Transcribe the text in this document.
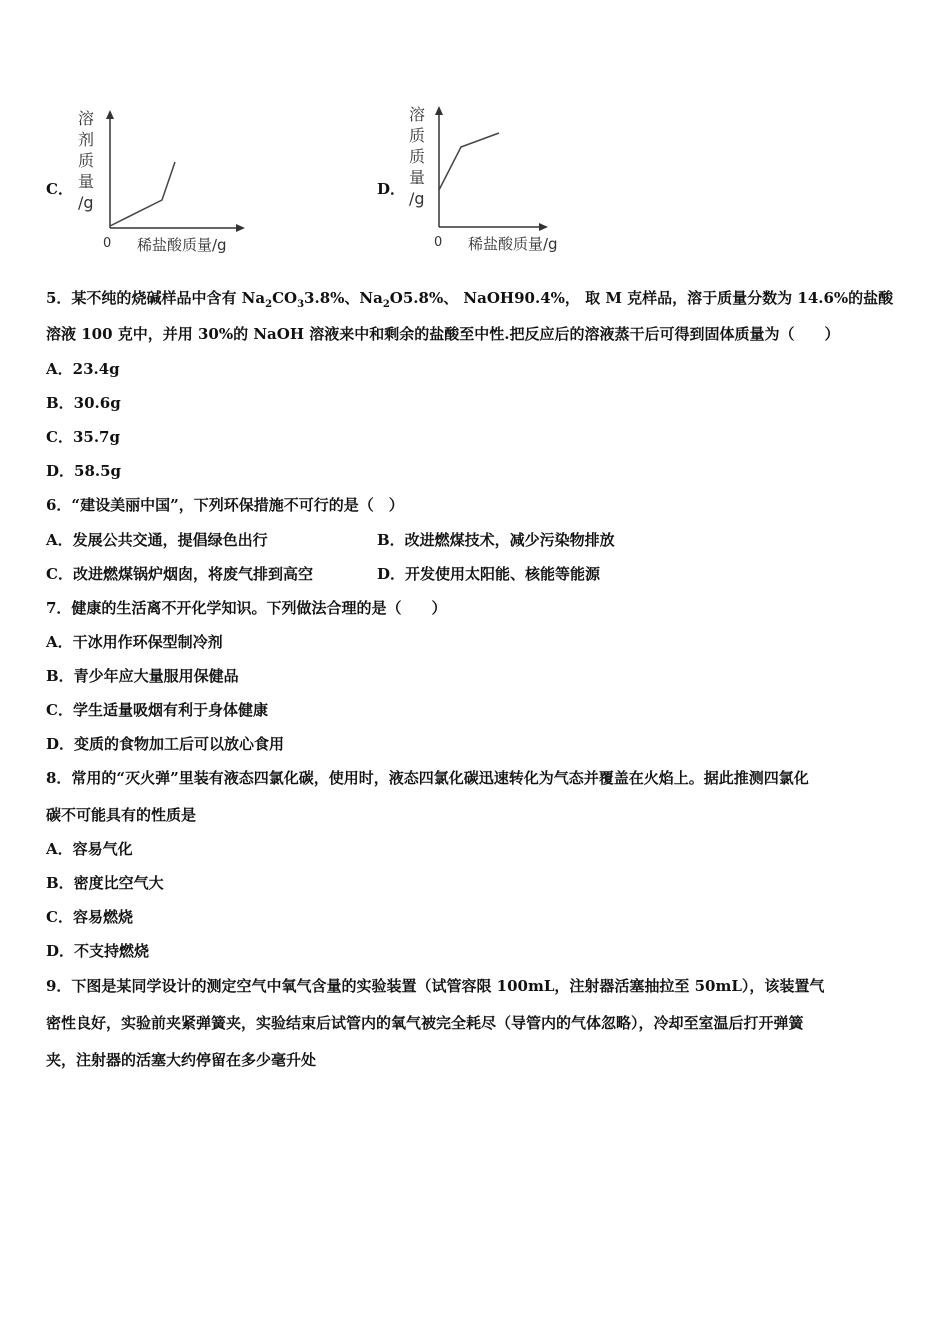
C．
溶
剂
质
量
/g
0 稀盐酸质量/g
D．
溶
质
质
量
/g
0 稀盐酸质量/g
5．某不纯的烧碱样品中含有 $Na_2CO_33.8\%$、$Na_2O5.8\%$、 NaOH90.4%， 取 M 克样品，溶于质量分数为 14.6%的盐酸
溶液 100 克中，并用 30%的 NaOH 溶液来中和剩余的盐酸至中性.把反应后的溶液蒸干后可得到固体质量为（　　）
A．23.4g
B．30.6g
C．35.7g
D．58.5g
6．“建设美丽中国”，下列环保措施不可行的是（　）
A．发展公共交通，提倡绿色出行	B．改进燃煤技术，减少污染物排放
C．改进燃煤锅炉烟囱，将废气排到高空	D．开发使用太阳能、核能等能源
7．健康的生活离不开化学知识。下列做法合理的是（　　）
A．干冰用作环保型制冷剂
B．青少年应大量服用保健品
C．学生适量吸烟有利于身体健康
D．变质的食物加工后可以放心食用
8．常用的“灭火弹”里装有液态四氯化碳，使用时，液态四氯化碳迅速转化为气态并覆盖在火焰上。据此推测四氯化
碳不可能具有的性质是
A．容易气化
B．密度比空气大
C．容易燃烧
D．不支持燃烧
9．下图是某同学设计的测定空气中氧气含量的实验装置（试管容限 100mL，注射器活塞抽拉至 50mL），该装置气
密性良好，实验前夹紧弹簧夹，实验结束后试管内的氧气被完全耗尽（导管内的气体忽略），冷却至室温后打开弹簧
夹，注射器的活塞大约停留在多少毫升处
